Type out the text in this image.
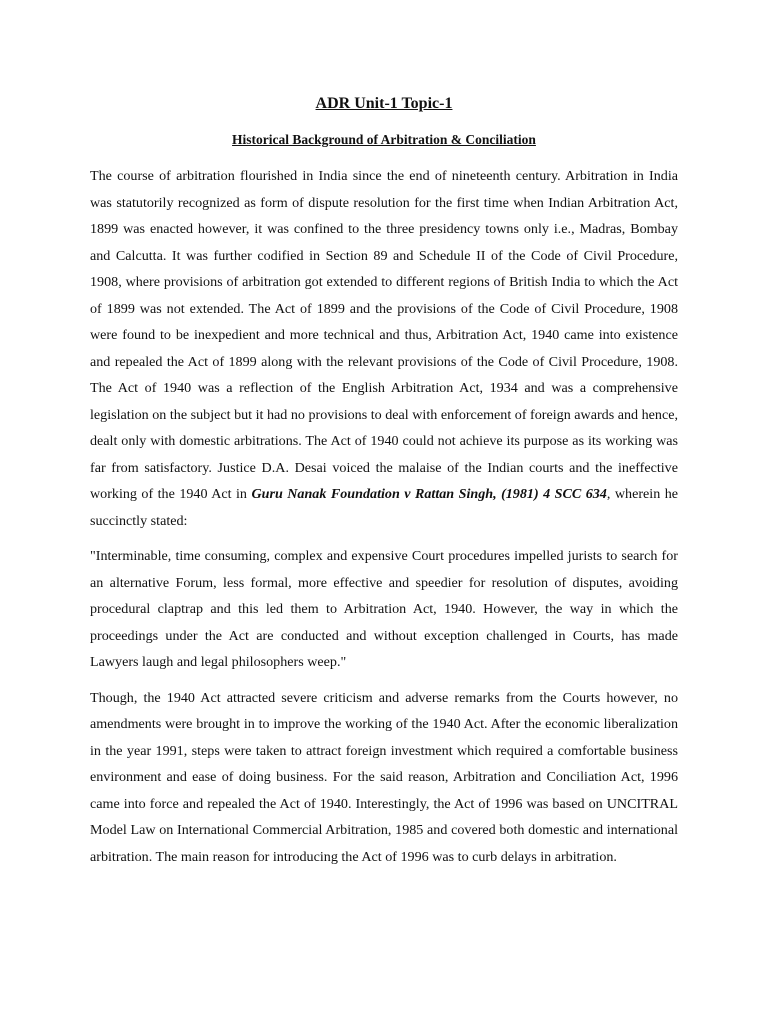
ADR Unit-1 Topic-1
Historical Background of Arbitration & Conciliation

The course of arbitration flourished in India since the end of nineteenth century. Arbitration in India was statutorily recognized as form of dispute resolution for the first time when Indian Arbitration Act, 1899 was enacted however, it was confined to the three presidency towns only i.e., Madras, Bombay and Calcutta. It was further codified in Section 89 and Schedule II of the Code of Civil Procedure, 1908, where provisions of arbitration got extended to different regions of British India to which the Act of 1899 was not extended. The Act of 1899 and the provisions of the Code of Civil Procedure, 1908 were found to be inexpedient and more technical and thus, Arbitration Act, 1940 came into existence and repealed the Act of 1899 along with the relevant provisions of the Code of Civil Procedure, 1908. The Act of 1940 was a reflection of the English Arbitration Act, 1934 and was a comprehensive legislation on the subject but it had no provisions to deal with enforcement of foreign awards and hence, dealt only with domestic arbitrations. The Act of 1940 could not achieve its purpose as its working was far from satisfactory. Justice D.A. Desai voiced the malaise of the Indian courts and the ineffective working of the 1940 Act in Guru Nanak Foundation v Rattan Singh, (1981) 4 SCC 634, wherein he succinctly stated:

"Interminable, time consuming, complex and expensive Court procedures impelled jurists to search for an alternative Forum, less formal, more effective and speedier for resolution of disputes, avoiding procedural claptrap and this led them to Arbitration Act, 1940. However, the way in which the proceedings under the Act are conducted and without exception challenged in Courts, has made Lawyers laugh and legal philosophers weep."

Though, the 1940 Act attracted severe criticism and adverse remarks from the Courts however, no amendments were brought in to improve the working of the 1940 Act. After the economic liberalization in the year 1991, steps were taken to attract foreign investment which required a comfortable business environment and ease of doing business. For the said reason, Arbitration and Conciliation Act, 1996 came into force and repealed the Act of 1940. Interestingly, the Act of 1996 was based on UNCITRAL Model Law on International Commercial Arbitration, 1985 and covered both domestic and international arbitration. The main reason for introducing the Act of 1996 was to curb delays in arbitration.
